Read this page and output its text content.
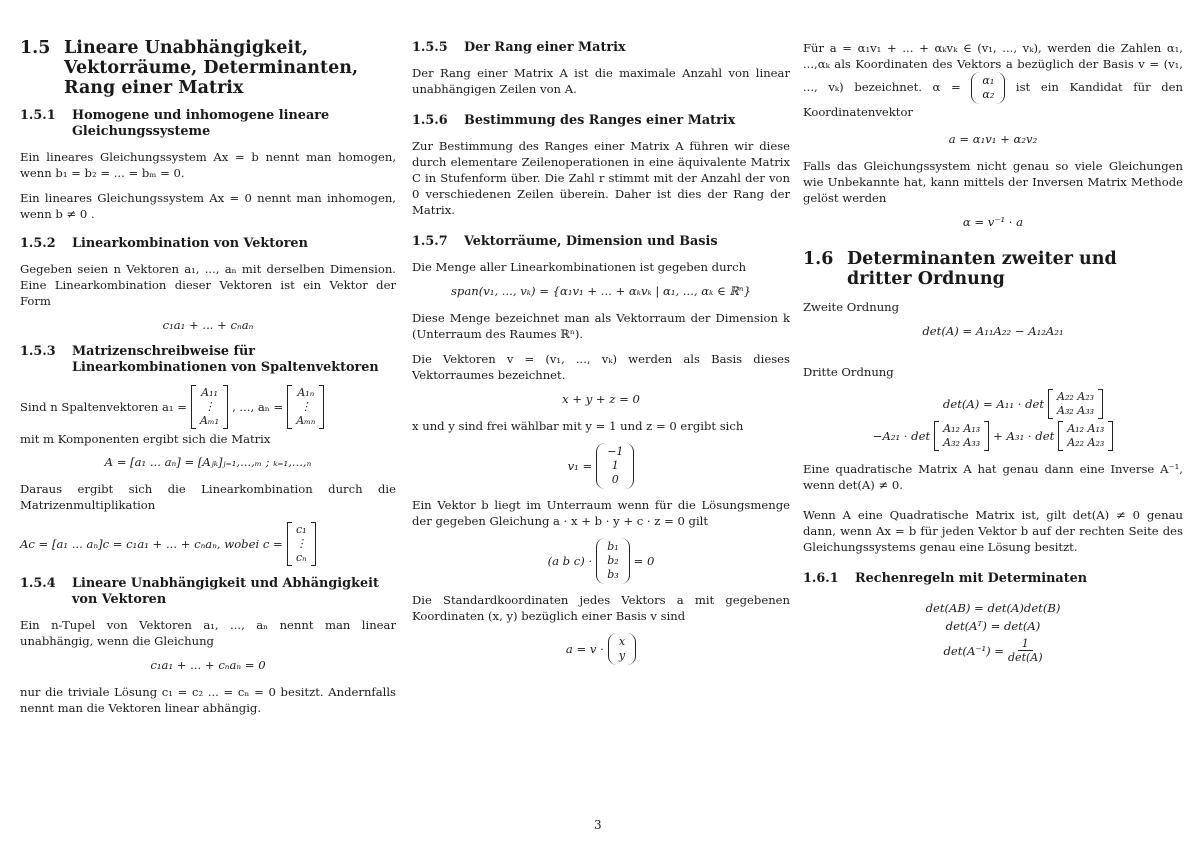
1.5 Lineare Unabhängigkeit, Vektorräume, Determinanten, Rang einer Matrix
1.5.1	Homogene und inhomogene lineare Gleichungssysteme

Ein lineares Gleichungssystem Ax = b nennt man homogen, wenn b₁ = b₂ = ... = bₘ = 0.

Ein lineares Gleichungssystem Ax = 0 nennt man inhomogen, wenn b ≠ 0 .

1.5.2	Linearkombination von Vektoren

Gegeben seien n Vektoren a₁, ..., aₙ mit derselben Dimension. Eine Linearkombination dieser Vektoren ist ein Vektor der Form

c₁a₁ + ... + cₙaₙ
1.5.3	Matrizenschreibweise für Linearkombinationen von Spaltenvektoren
Sind n Spaltenvektoren a₁ =
A₁₁
⋮
Aₘ₁
, ..., aₙ =
A₁ₙ
⋮
Aₘₙ

mit m Komponenten ergibt sich die Matrix

A = [a₁ ... aₙ] = [Aⱼₖ]ⱼ₌₁,...,ₘ ; ₖ₌₁,...,ₙ

Daraus ergibt sich die Linearkombination durch die Matrizenmultiplikation

Ac = [a₁ ... aₙ]c = c₁a₁ + ... + cₙaₙ, wobei c =
c₁
⋮
cₙ
1.5.4	Lineare Unabhängigkeit und Abhängigkeit von Vektoren

Ein n-Tupel von Vektoren a₁, ..., aₙ nennt man linear unabhängig, wenn die Gleichung

c₁a₁ + ... + cₙaₙ = 0

nur die triviale Lösung c₁ = c₂ ... = cₙ = 0 besitzt. Andernfalls nennt man die Vektoren linear abhängig.

1.5.5	Der Rang einer Matrix

Der Rang einer Matrix A ist die maximale Anzahl von linear unabhängigen Zeilen von A.

1.5.6	Bestimmung des Ranges einer Matrix

Zur Bestimmung des Ranges einer Matrix A führen wir diese durch elementare Zeilenoperationen in eine äquivalente Matrix C in Stufenform über. Die Zahl r stimmt mit der Anzahl der von 0 verschiedenen Zeilen überein. Daher ist dies der Rang der Matrix.

1.5.7	Vektorräume, Dimension und Basis

Die Menge aller Linearkombinationen ist gegeben durch

span(v₁, ..., vₖ) = {α₁v₁ + ... + αₖvₖ | α₁, ..., αₖ ∈ ℝⁿ}

Diese Menge bezeichnet man als Vektorraum der Dimension k (Unterraum des Raumes ℝⁿ).

Die Vektoren v = (v₁, ..., vₖ) werden als Basis dieses Vektorraumes bezeichnet.

x + y + z = 0

x und y sind frei wählbar mit y = 1 und z = 0 ergibt sich

v₁ =
−1
1
0

Ein Vektor b liegt im Unterraum wenn für die Lösungsmenge der gegeben Gleichung a · x + b · y + c · z = 0 gilt

(a b c) ·
b₁
b₂
b₃
= 0

Die Standardkoordinaten jedes Vektors a mit gegebenen Koordinaten (x, y) bezüglich einer Basis v sind

a = v ·
x
y

Für a = α₁v₁ + ... + αₖvₖ ∈ (v₁, ..., vₖ), werden die Zahlen α₁, ...,αₖ als Koordinaten des Vektors a bezüglich der Basis v = (v₁, ..., vₖ) bezeichnet. α = α₁
α₂
ist ein Kandidat für den Koordinatenvektor

a = α₁v₁ + α₂v₂

Falls das Gleichungssystem nicht genau so viele Gleichungen wie Unbekannte hat, kann mittels der Inversen Matrix Methode gelöst werden

α = v⁻¹ · a
1.6 Determinanten zweiter und dritter Ordnung

Zweite Ordnung

det(A) = A₁₁A₂₂ − A₁₂A₂₁

Dritte Ordnung

det(A) = A₁₁ · det
A₂₂ A₂₃
A₃₂ A₃₃
−A₂₁ · det
A₁₂ A₁₃
A₃₂ A₃₃ + A₃₁ · det
A₁₂ A₁₃
A₂₂ A₂₃

Eine quadratische Matrix A hat genau dann eine Inverse A⁻¹, wenn det(A) ≠ 0.

Wenn A eine Quadratische Matrix ist, gilt det(A) ≠ 0 genau dann, wenn Ax = b für jeden Vektor b auf der rechten Seite des Gleichungssystems genau eine Lösung besitzt.

1.6.1	Rechenregeln mit Determinaten
det(AB) = det(A)det(B)
det(Aᵀ) = det(A)
det(A⁻¹) =	1
det(A)
3
